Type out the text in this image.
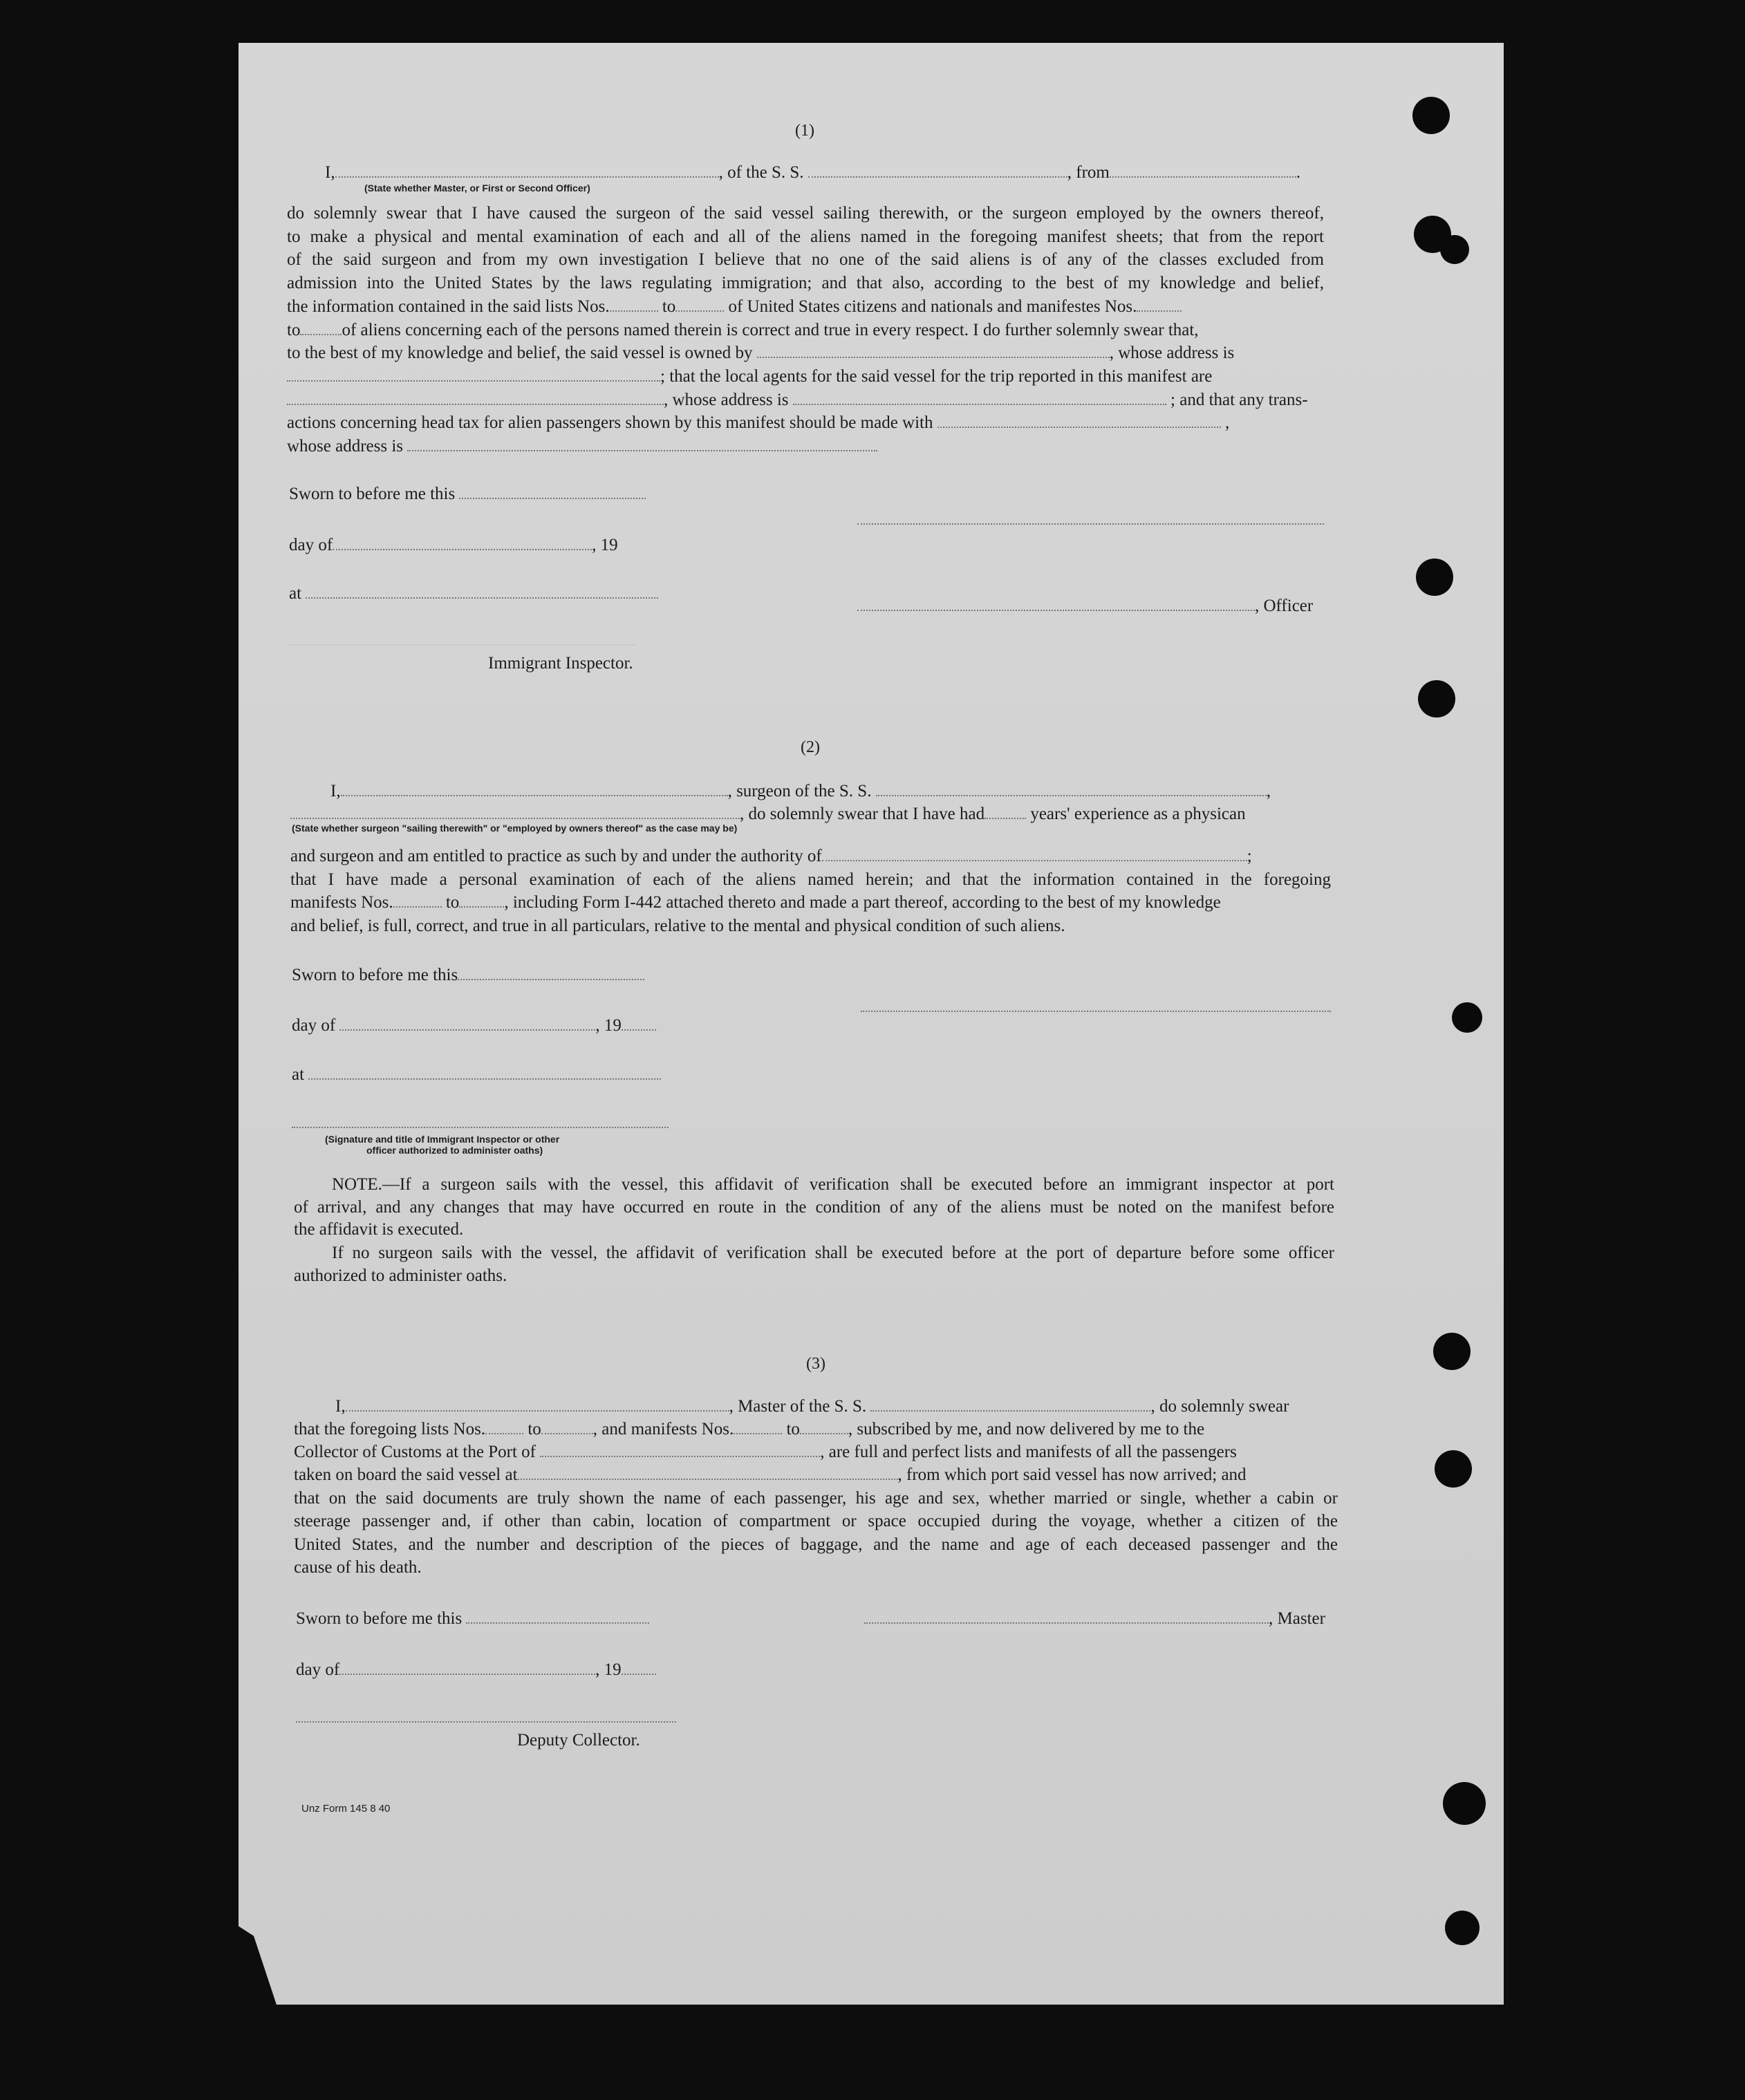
(1)
I,	, of the S. S.	, from	.
(State whether Master, or First or Second Officer)
do solemnly swear that I have caused the surgeon of the said vessel sailing therewith, or the surgeon employed by the owners thereof,
to make a physical and mental examination of each and all of the aliens named in the foregoing manifest sheets; that from the report
of the said surgeon and from my own investigation I believe that no one of the said aliens is of any of the classes excluded from
admission into the United States by the laws regulating immigration; and that also, according to the best of my knowledge and belief,
the information contained in the said lists Nos.	to	of United States citizens and nationals and manifestes Nos.
to of aliens concerning each of the persons named therein is correct and true in every respect. I do further solemnly swear that,
to the best of my knowledge and belief, the said vessel is owned by	, whose address is
; that the local agents for the said vessel for the trip reported in this manifest are
, whose address is	; and that any trans-
actions concerning head tax for alien passengers shown by this manifest should be made with	,
whose address is
Sworn to before me this
day of	, 19
at
, Officer
Immigrant Inspector.
(2)
I,	, surgeon of the S. S.	,
, do solemnly swear that I have had	years' experience as a physican
(State whether surgeon "sailing therewith" or "employed by owners thereof" as the case may be)
and surgeon and am entitled to practice as such by and under the authority of	;
that I have made a personal examination of each of the aliens named herein; and that the information contained in the foregoing
manifests Nos.	to	, including Form I-442 attached thereto and made a part thereof, according to the best of my knowledge
and belief, is full, correct, and true in all particulars, relative to the mental and physical condition of such aliens.
Sworn to before me this
day of	, 19
at
(Signature and title of Immigrant Inspector or other
officer authorized to administer oaths)
NOTE.—If a surgeon sails with the vessel, this affidavit of verification shall be executed before an immigrant inspector at port
of arrival, and any changes that may have occurred en route in the condition of any of the aliens must be noted on the manifest before
the affidavit is executed.
If no surgeon sails with the vessel, the affidavit of verification shall be executed before at the port of departure before some officer
authorized to administer oaths.
(3)
I,	, Master of the S. S.	, do solemnly swear
that the foregoing lists Nos. to	, and manifests Nos.	to	, subscribed by me, and now delivered by me to the
Collector of Customs at the Port of	, are full and perfect lists and manifests of all the passengers
taken on board the said vessel at	, from which port said vessel has now arrived; and
that on the said documents are truly shown the name of each passenger, his age and sex, whether married or single, whether a cabin or
steerage passenger and, if other than cabin, location of compartment or space occupied during the voyage, whether a citizen of the
United States, and the number and description of the pieces of baggage, and the name and age of each deceased passenger and the
cause of his death.
Sworn to before me this	, Master
day of	, 19
Deputy Collector.
Unz Form 145 8 40
